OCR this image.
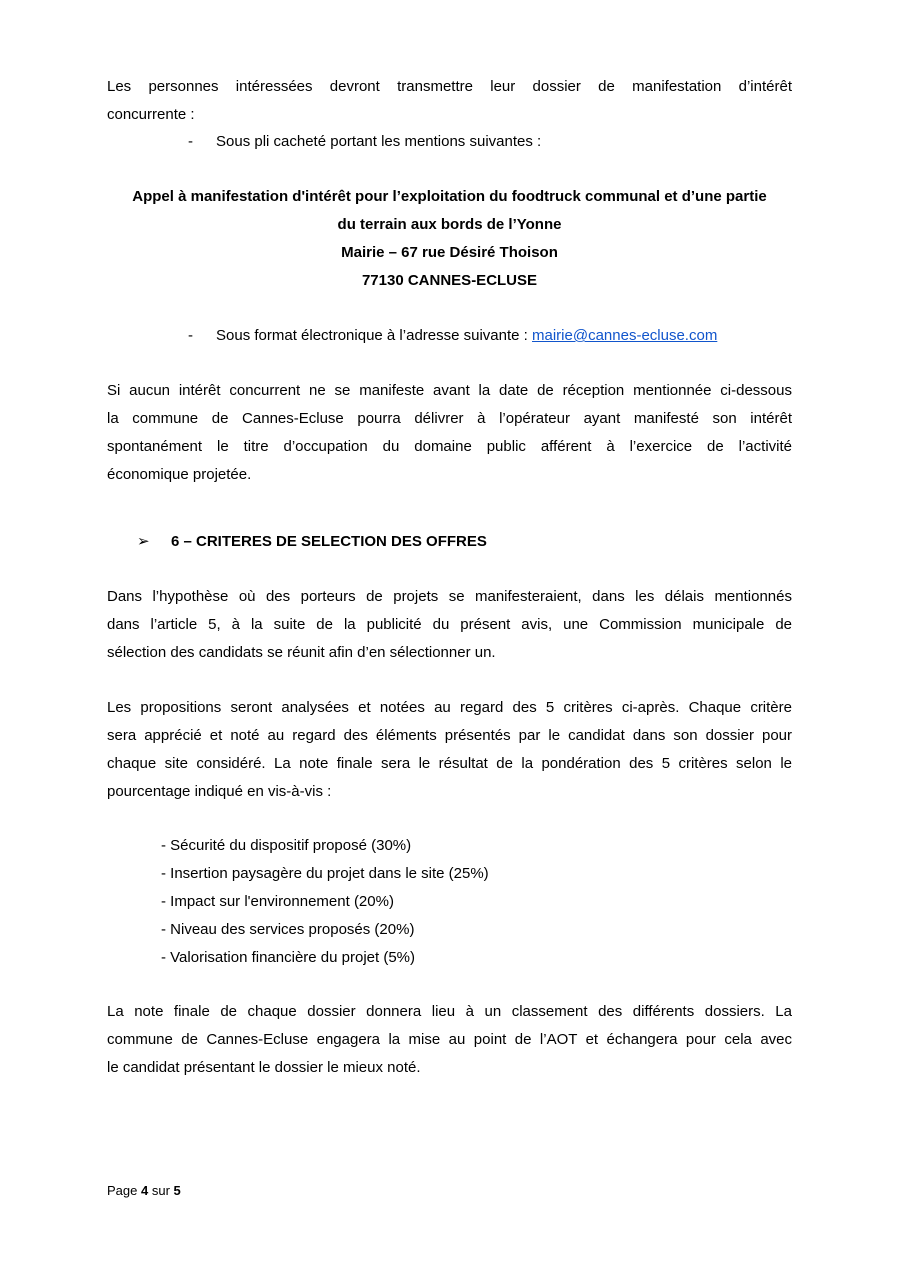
Les personnes intéressées devront transmettre leur dossier de manifestation d’intérêt

concurrente :

- Sous pli cacheté portant les mentions suivantes :
Appel à manifestation d'intérêt pour l’exploitation du foodtruck communal et d’une partie
du terrain aux bords de l’Yonne
Mairie – 67 rue Désiré Thoison
77130 CANNES-ECLUSE
- Sous format électronique à l’adresse suivante : mairie@cannes-ecluse.com

Si aucun intérêt concurrent ne se manifeste avant la date de réception mentionnée ci-dessous

la commune de Cannes-Ecluse pourra délivrer à l’opérateur ayant manifesté son intérêt

spontanément le titre d’occupation du domaine public afférent à l’exercice de l’activité

économique projetée.

➢ 6 – CRITERES DE SELECTION DES OFFRES

Dans l’hypothèse où des porteurs de projets se manifesteraient, dans les délais mentionnés

dans l’article 5, à la suite de la publicité du présent avis, une Commission municipale de

sélection des candidats se réunit afin d’en sélectionner un.

Les propositions seront analysées et notées au regard des 5 critères ci-après. Chaque critère

sera apprécié et noté au regard des éléments présentés par le candidat dans son dossier pour

chaque site considéré. La note finale sera le résultat de la pondération des 5 critères selon le

pourcentage indiqué en vis-à-vis :

- Sécurité du dispositif proposé (30%)
- Insertion paysagère du projet dans le site (25%)
- Impact sur l'environnement (20%)
- Niveau des services proposés (20%)
- Valorisation financière du projet (5%)

La note finale de chaque dossier donnera lieu à un classement des différents dossiers. La

commune de Cannes-Ecluse engagera la mise au point de l’AOT et échangera pour cela avec

le candidat présentant le dossier le mieux noté.

Page 4 sur 5
